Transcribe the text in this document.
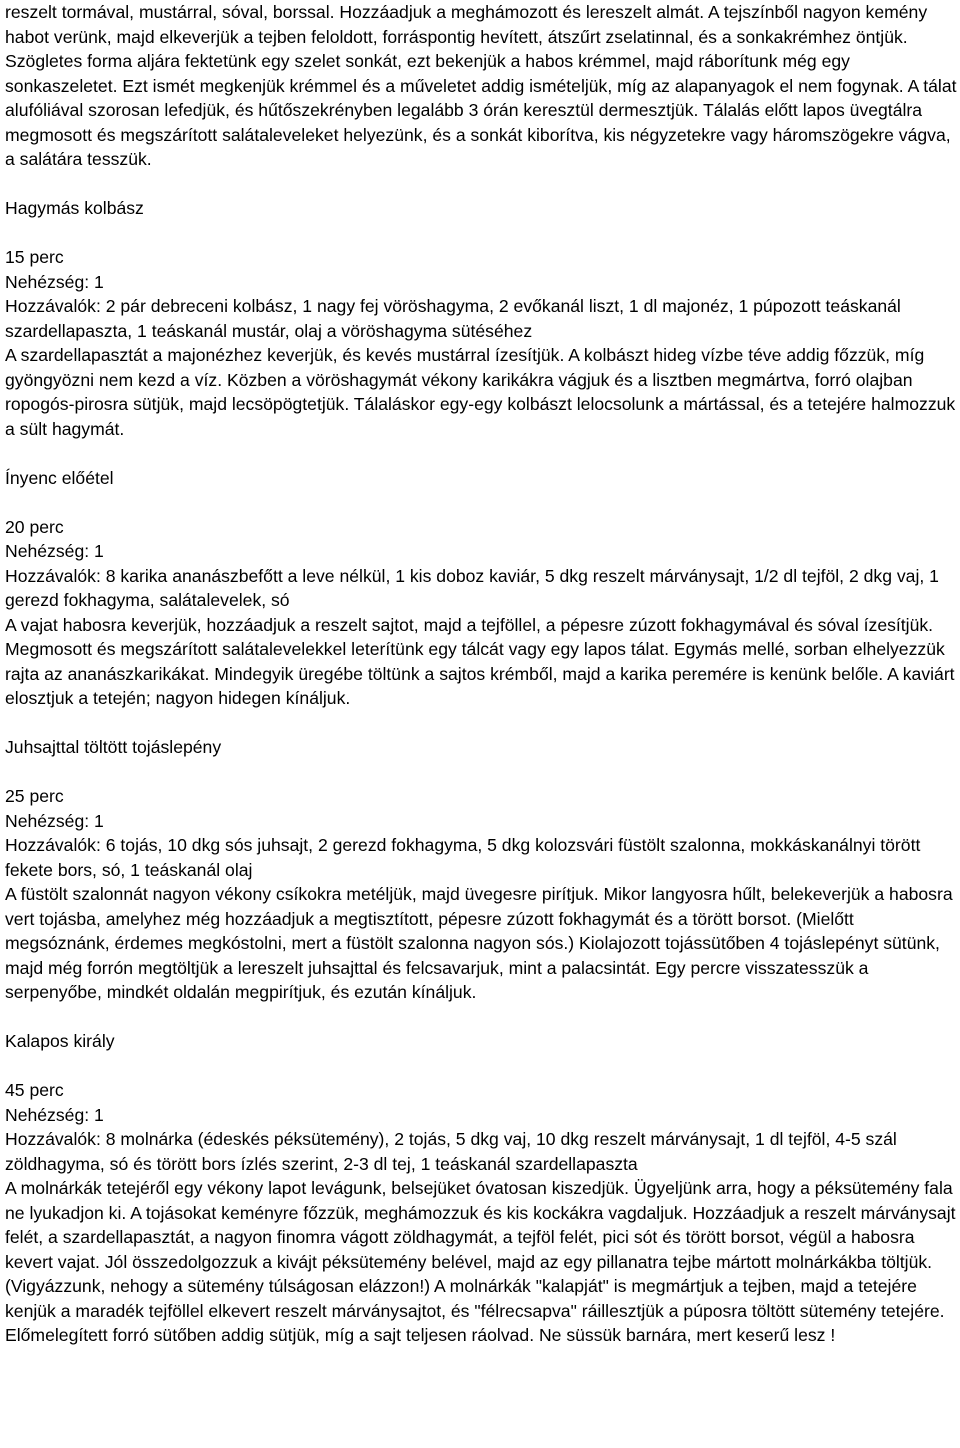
reszelt tormával, mustárral, sóval, borssal. Hozzáadjuk a meghámozott és lereszelt almát. A tejszínből nagyon kemény habot verünk, majd elkeverjük a tejben feloldott, forráspontig hevített, átszűrt zselatinnal, és a sonkakrémhez öntjük. Szögletes forma aljára fektetünk egy szelet sonkát, ezt bekenjük a habos krémmel, majd ráborítunk még egy sonkaszeletet. Ezt ismét megkenjük krémmel és a műveletet addig ismételjük, míg az alapanyagok el nem fogynak. A tálat alufóliával szorosan lefedjük, és hűtőszekrényben legalább 3 órán keresztül dermesztjük. Tálalás előtt lapos üvegtálra megmosott és megszárított salátaleveleket helyezünk, és a sonkát kiborítva, kis négyzetekre vagy háromszögekre vágva, a salátára tesszük.

Hagymás kolbász

15 perc

Nehézség: 1

Hozzávalók: 2 pár debreceni kolbász, 1 nagy fej vöröshagyma, 2 evőkanál liszt, 1 dl majonéz, 1 púpozott teáskanál szardellapaszta, 1 teáskanál mustár, olaj a vöröshagyma sütéséhez

A szardellapasztát a majonézhez keverjük, és kevés mustárral ízesítjük. A kolbászt hideg vízbe téve addig főzzük, míg gyöngyözni nem kezd a víz. Közben a vöröshagymát vékony karikákra vágjuk és a lisztben megmártva, forró olajban ropogós-pirosra sütjük, majd lecsöpögtetjük. Tálaláskor egy-egy kolbászt lelocsolunk a mártással, és a tetejére halmozzuk a sült hagymát.

Ínyenc előétel

20 perc

Nehézség: 1

Hozzávalók: 8 karika ananászbefőtt a leve nélkül, 1 kis doboz kaviár, 5 dkg reszelt márványsajt, 1/2 dl tejföl, 2 dkg vaj, 1 gerezd fokhagyma, salátalevelek, só

A vajat habosra keverjük, hozzáadjuk a reszelt sajtot, majd a tejföllel, a pépesre zúzott fokhagymával és sóval ízesítjük. Megmosott és megszárított salátalevelekkel leterítünk egy tálcát vagy egy lapos tálat. Egymás mellé, sorban elhelyezzük rajta az ananászkarikákat. Mindegyik üregébe töltünk a sajtos krémből, majd a karika peremére is kenünk belőle. A kaviárt elosztjuk a tetején; nagyon hidegen kínáljuk.

Juhsajttal töltött tojáslepény

25 perc

Nehézség: 1

Hozzávalók: 6 tojás, 10 dkg sós juhsajt, 2 gerezd fokhagyma, 5 dkg kolozsvári füstölt szalonna, mokkáskanálnyi törött fekete bors, só, 1 teáskanál olaj

A füstölt szalonnát nagyon vékony csíkokra metéljük, majd üvegesre pirítjuk. Mikor langyosra hűlt, belekeverjük a habosra vert tojásba, amelyhez még hozzáadjuk a megtisztított, pépesre zúzott fokhagymát és a törött borsot. (Mielőtt megsóznánk, érdemes megkóstolni, mert a füstölt szalonna nagyon sós.) Kiolajozott tojássütőben 4 tojáslepényt sütünk, majd még forrón megtöltjük a lereszelt juhsajttal és felcsavarjuk, mint a palacsintát. Egy percre visszatesszük a serpenyőbe, mindkét oldalán megpirítjuk, és ezután kínáljuk.

Kalapos király

45 perc

Nehézség: 1

Hozzávalók: 8 molnárka (édeskés péksütemény), 2 tojás, 5 dkg vaj, 10 dkg reszelt márványsajt, 1 dl tejföl, 4-5 szál zöldhagyma, só és törött bors ízlés szerint, 2-3 dl tej, 1 teáskanál szardellapaszta

A molnárkák tetejéről egy vékony lapot levágunk, belsejüket óvatosan kiszedjük. Ügyeljünk arra, hogy a péksütemény fala ne lyukadjon ki. A tojásokat keményre főzzük, meghámozzuk és kis kockákra vagdaljuk. Hozzáadjuk a reszelt márványsajt felét, a szardellapasztát, a nagyon finomra vágott zöldhagymát, a tejföl felét, pici sót és törött borsot, végül a habosra kevert vajat. Jól összedolgozzuk a kivájt péksütemény belével, majd az egy pillanatra tejbe mártott molnárkákba töltjük. (Vigyázzunk, nehogy a sütemény túlságosan elázzon!) A molnárkák "kalapját" is megmártjuk a tejben, majd a tetejére kenjük a maradék tejföllel elkevert reszelt márványsajtot, és "félrecsapva" ráillesztjük a púposra töltött sütemény tetejére. Előmelegített forró sütőben addig sütjük, míg a sajt teljesen ráolvad. Ne süssük barnára, mert keserű lesz !
